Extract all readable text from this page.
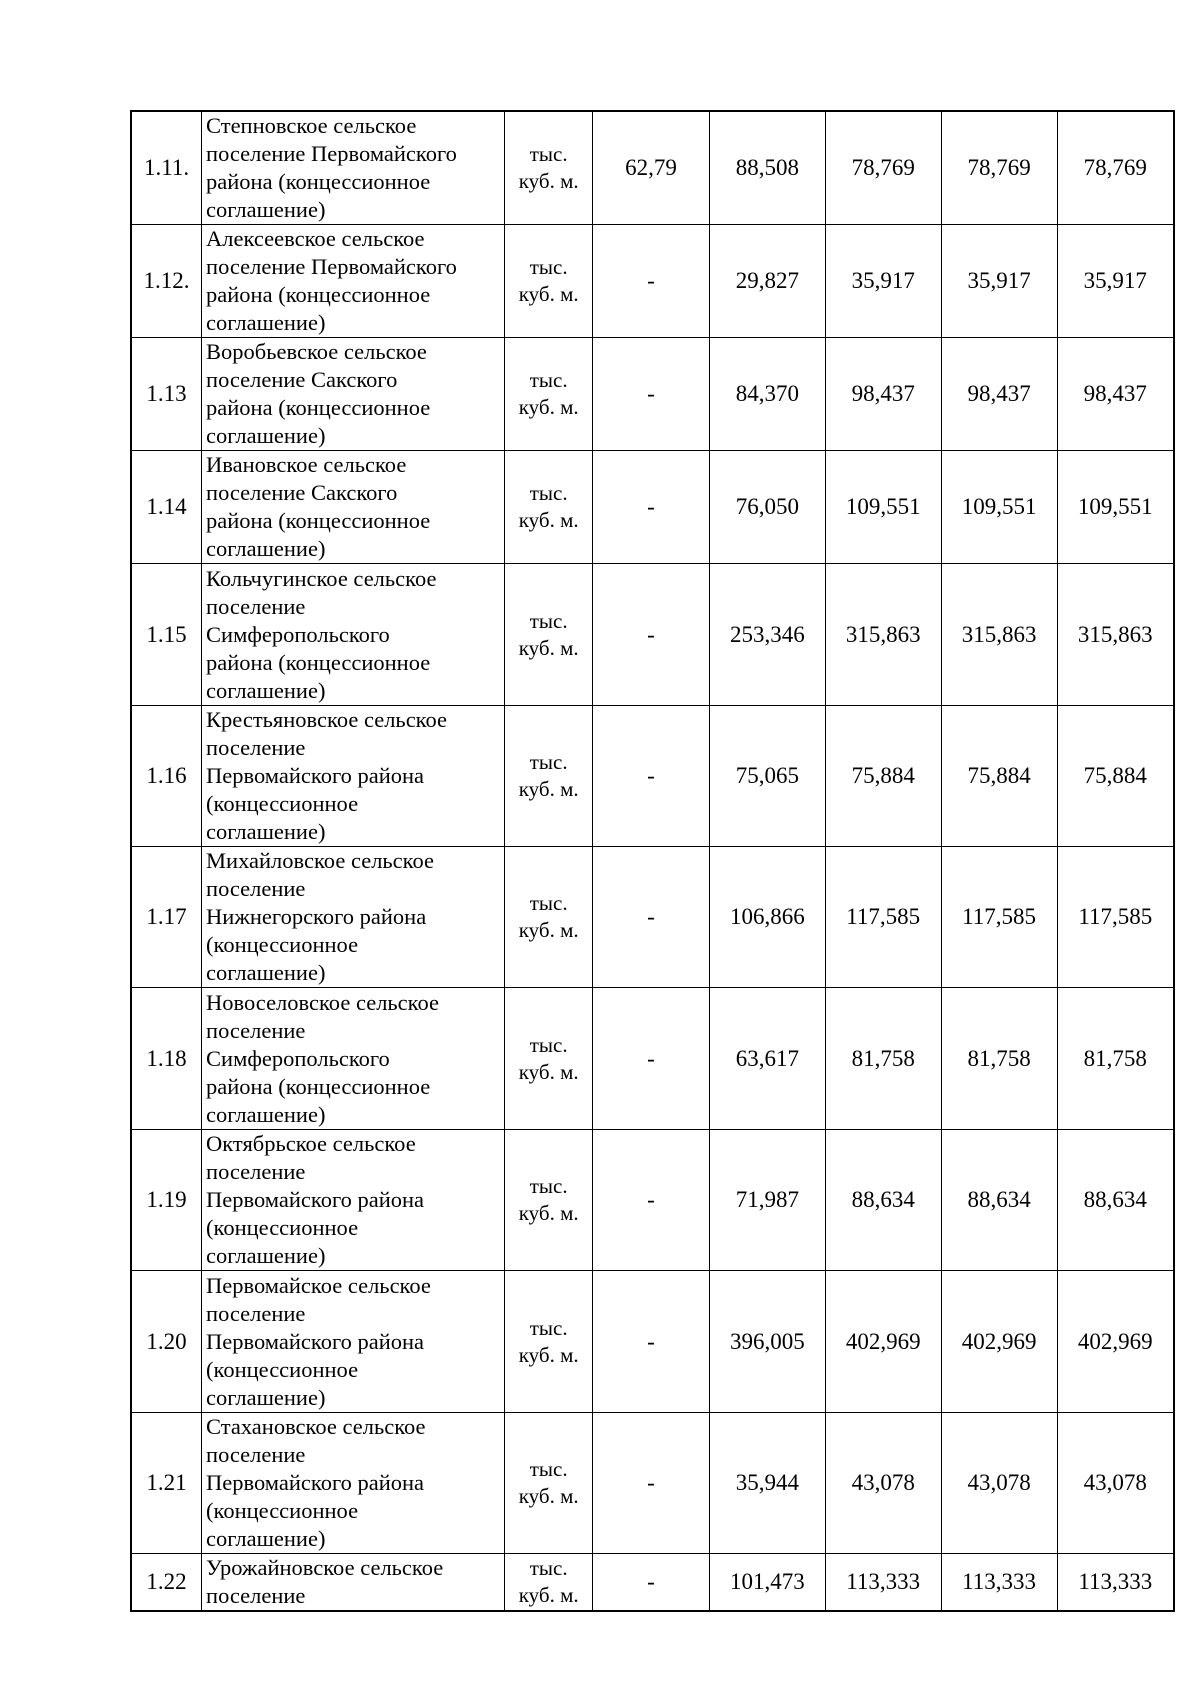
1.11.	Степновское сельское
поселение Первомайского
района (концессионное
соглашение)	тыс.
куб. м.	62,79	88,508	78,769	78,769	78,769
1.12.	Алексеевское сельское
поселение Первомайского
района (концессионное
соглашение)	тыс.
куб. м.	-	29,827	35,917	35,917	35,917
1.13	Воробьевское сельское
поселение Сакского
района (концессионное
соглашение)	тыс.
куб. м.	-	84,370	98,437	98,437	98,437
1.14	Ивановское сельское
поселение Сакского
района (концессионное
соглашение)	тыс.
куб. м.	-	76,050	109,551	109,551	109,551
1.15	Кольчугинское сельское
поселение
Симферопольского
района (концессионное
соглашение)	тыс.
куб. м.	-	253,346	315,863	315,863	315,863
1.16	Крестьяновское сельское
поселение
Первомайского района
(концессионное
соглашение)	тыс.
куб. м.	-	75,065	75,884	75,884	75,884
1.17	Михайловское сельское
поселение
Нижнегорского района
(концессионное
соглашение)	тыс.
куб. м.	-	106,866	117,585	117,585	117,585
1.18	Новоселовское сельское
поселение
Симферопольского
района (концессионное
соглашение)	тыс.
куб. м.	-	63,617	81,758	81,758	81,758
1.19	Октябрьское сельское
поселение
Первомайского района
(концессионное
соглашение)	тыс.
куб. м.	-	71,987	88,634	88,634	88,634
1.20	Первомайское сельское
поселение
Первомайского района
(концессионное
соглашение)	тыс.
куб. м.	-	396,005	402,969	402,969	402,969
1.21	Стахановское сельское
поселение
Первомайского района
(концессионное
соглашение)	тыс.
куб. м.	-	35,944	43,078	43,078	43,078
1.22	Урожайновское сельское
поселение	тыс.
куб. м.	-	101,473	113,333	113,333	113,333
